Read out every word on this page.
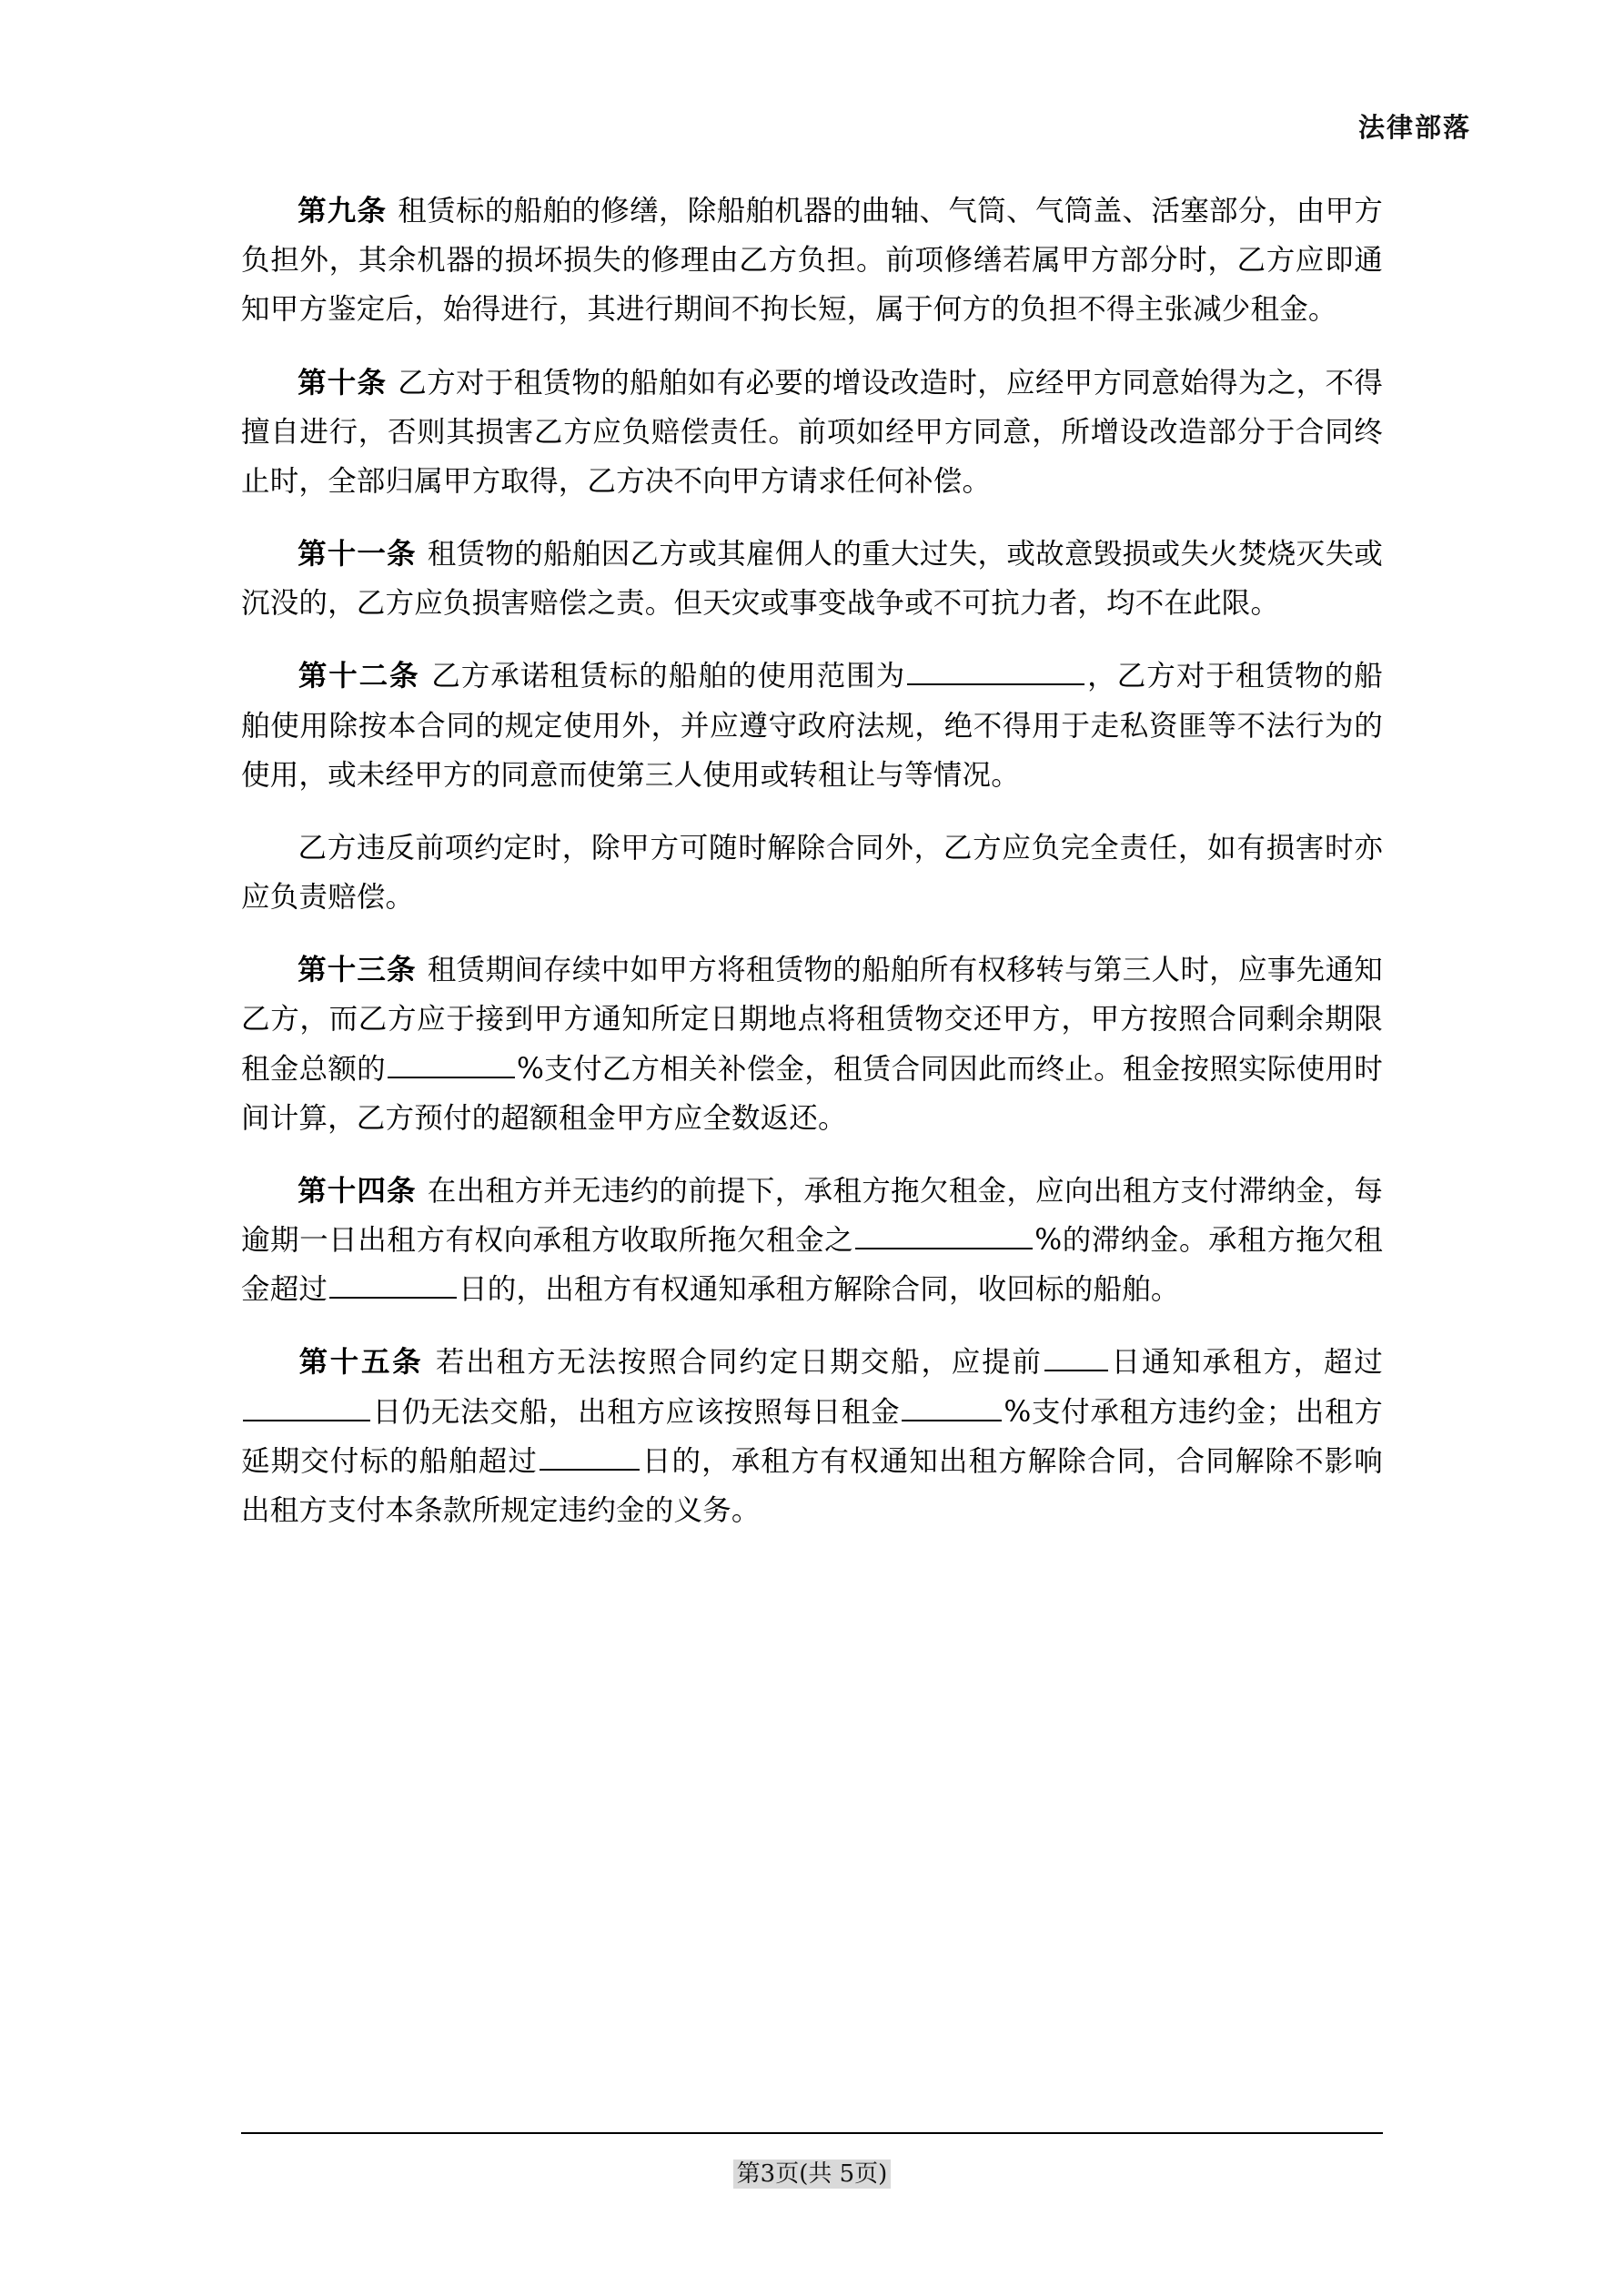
法律部落

第九条 租赁标的船舶的修缮，除船舶机器的曲轴、气筒、气筒盖、活塞部分，由甲方负担外，其余机器的损坏损失的修理由乙方负担。前项修缮若属甲方部分时，乙方应即通知甲方鉴定后，始得进行，其进行期间不拘长短，属于何方的负担不得主张减少租金。

第十条 乙方对于租赁物的船舶如有必要的增设改造时，应经甲方同意始得为之，不得擅自进行，否则其损害乙方应负赔偿责任。前项如经甲方同意，所增设改造部分于合同终止时，全部归属甲方取得，乙方决不向甲方请求任何补偿。

第十一条 租赁物的船舶因乙方或其雇佣人的重大过失，或故意毁损或失火焚烧灭失或沉没的，乙方应负损害赔偿之责。但天灾或事变战争或不可抗力者，均不在此限。

第十二条 乙方承诺租赁标的船舶的使用范围为	，乙方对于租赁物的船舶使用除按本合同的规定使用外，并应遵守政府法规，绝不得用于走私资匪等不法行为的使用，或未经甲方的同意而使第三人使用或转租让与等情况。

乙方违反前项约定时，除甲方可随时解除合同外，乙方应负完全责任，如有损害时亦应负责赔偿。

第十三条 租赁期间存续中如甲方将租赁物的船舶所有权移转与第三人时，应事先通知乙方，而乙方应于接到甲方通知所定日期地点将租赁物交还甲方，甲方按照合同剩余期限租金总额的	%支付乙方相关补偿金，租赁合同因此而终止。租金按照实际使用时间计算，乙方预付的超额租金甲方应全数返还。

第十四条 在出租方并无违约的前提下，承租方拖欠租金，应向出租方支付滞纳金，每逾期一日出租方有权向承租方收取所拖欠租金之	%的滞纳金。承租方拖欠租金超过	日的，出租方有权通知承租方解除合同，收回标的船舶。

第十五条 若出租方无法按照合同约定日期交船，应提前 日通知承租方，超过日仍无法交船，出租方应该按照每日租金	%支付承租方违约金；出租方延期交付标的船舶超过	日的，承租方有权通知出租方解除合同，合同解除不影响出租方支付本条款所规定违约金的义务。

第3页(共 5页)
